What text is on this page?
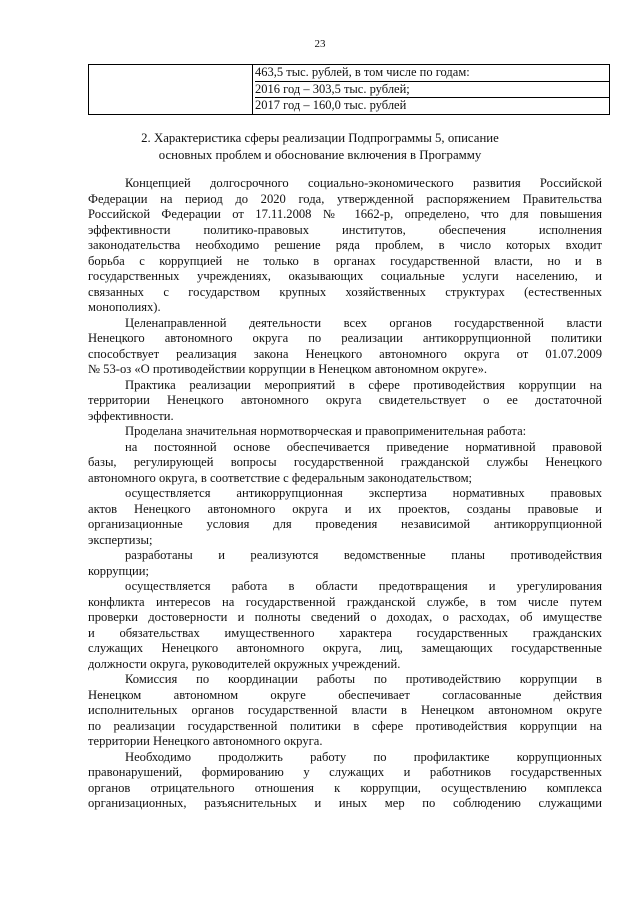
23

463,5 тыс. рублей, в том числе по годам:
2016 год – 303,5 тыс. рублей;
2017 год – 160,0 тыс. рублей
2. Характеристика сферы реализации Подпрограммы 5, описание
основных проблем и обоснование включения в Программу
Концепцией долгосрочного социально-экономического развития Российской
Федерации на период до 2020 года, утвержденной распоряжением Правительства
Российской Федерации от 17.11.2008 № 1662-р, определено, что для повышения
эффективности политико-правовых институтов, обеспечения исполнения
законодательства необходимо решение ряда проблем, в число которых входит
борьба с коррупцией не только в органах государственной власти, но и в
государственных учреждениях, оказывающих социальные услуги населению, и
связанных с государством крупных хозяйственных структурах (естественных
монополиях).
Целенаправленной деятельности всех органов государственной власти
Ненецкого автономного округа по реализации антикоррупционной политики
способствует реализация закона Ненецкого автономного округа от 01.07.2009
№ 53-оз «О противодействии коррупции в Ненецком автономном округе».
Практика реализации мероприятий в сфере противодействия коррупции на
территории Ненецкого автономного округа свидетельствует о ее достаточной
эффективности.
Проделана значительная нормотворческая и правоприменительная работа:
на постоянной основе обеспечивается приведение нормативной правовой
базы, регулирующей вопросы государственной гражданской службы Ненецкого
автономного округа, в соответствие с федеральным законодательством;
осуществляется антикоррупционная экспертиза нормативных правовых
актов Ненецкого автономного округа и их проектов, созданы правовые и
организационные условия для проведения независимой антикоррупционной
экспертизы;
разработаны и реализуются ведомственные планы противодействия
коррупции;
осуществляется работа в области предотвращения и урегулирования
конфликта интересов на государственной гражданской службе, в том числе путем
проверки достоверности и полноты сведений о доходах, о расходах, об имуществе
и обязательствах имущественного характера государственных гражданских
служащих Ненецкого автономного округа, лиц, замещающих государственные
должности округа, руководителей окружных учреждений.
Комиссия по координации работы по противодействию коррупции в
Ненецком автономном округе обеспечивает согласованные действия
исполнительных органов государственной власти в Ненецком автономном округе
по реализации государственной политики в сфере противодействия коррупции на
территории Ненецкого автономного округа.
Необходимо продолжить работу по профилактике коррупционных
правонарушений, формированию у служащих и работников государственных
органов отрицательного отношения к коррупции, осуществлению комплекса
организационных, разъяснительных и иных мер по соблюдению служащими
